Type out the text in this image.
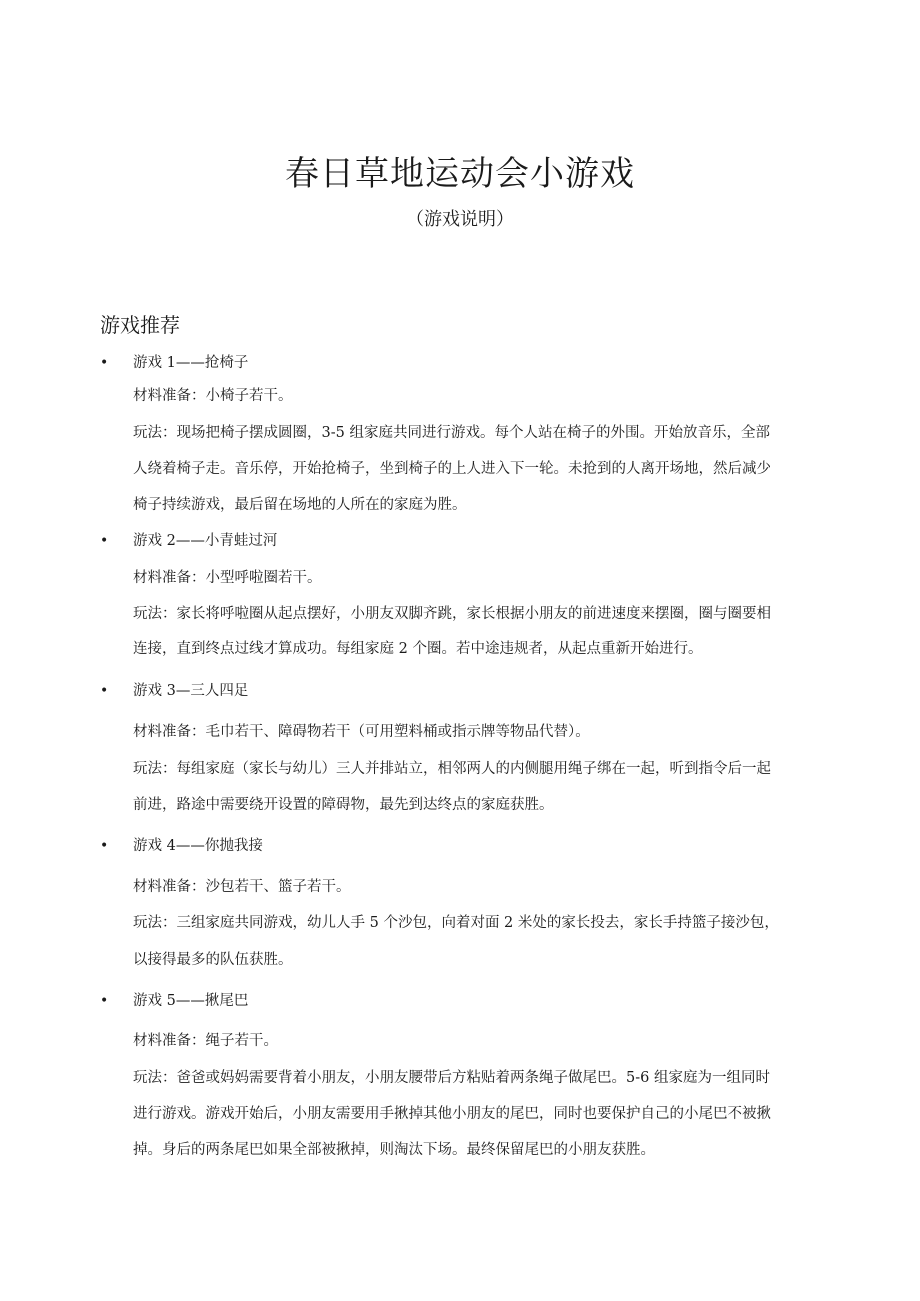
春日草地运动会小游戏
（游戏说明）
游戏推荐
• 游戏 1——抢椅子
材料准备：小椅子若干。
玩法：现场把椅子摆成圆圈，3-5 组家庭共同进行游戏。每个人站在椅子的外围。开始放音乐，全部
人绕着椅子走。音乐停，开始抢椅子，坐到椅子的上人进入下一轮。未抢到的人离开场地，然后减少
椅子持续游戏，最后留在场地的人所在的家庭为胜。
• 游戏 2——小青蛙过河
材料准备：小型呼啦圈若干。
玩法：家长将呼啦圈从起点摆好，小朋友双脚齐跳，家长根据小朋友的前进速度来摆圈，圈与圈要相
连接，直到终点过线才算成功。每组家庭 2 个圈。若中途违规者，从起点重新开始进行。
• 游戏 3—三人四足
材料准备：毛巾若干、障碍物若干（可用塑料桶或指示牌等物品代替）。
玩法：每组家庭（家长与幼儿）三人并排站立，相邻两人的内侧腿用绳子绑在一起，听到指令后一起
前进，路途中需要绕开设置的障碍物，最先到达终点的家庭获胜。
• 游戏 4——你抛我接
材料准备：沙包若干、篮子若干。
玩法：三组家庭共同游戏，幼儿人手 5 个沙包，向着对面 2 米处的家长投去，家长手持篮子接沙包，
以接得最多的队伍获胜。
• 游戏 5——揪尾巴
材料准备：绳子若干。
玩法：爸爸或妈妈需要背着小朋友，小朋友腰带后方粘贴着两条绳子做尾巴。5-6 组家庭为一组同时
进行游戏。游戏开始后，小朋友需要用手揪掉其他小朋友的尾巴，同时也要保护自己的小尾巴不被揪
掉。身后的两条尾巴如果全部被揪掉，则淘汰下场。最终保留尾巴的小朋友获胜。
